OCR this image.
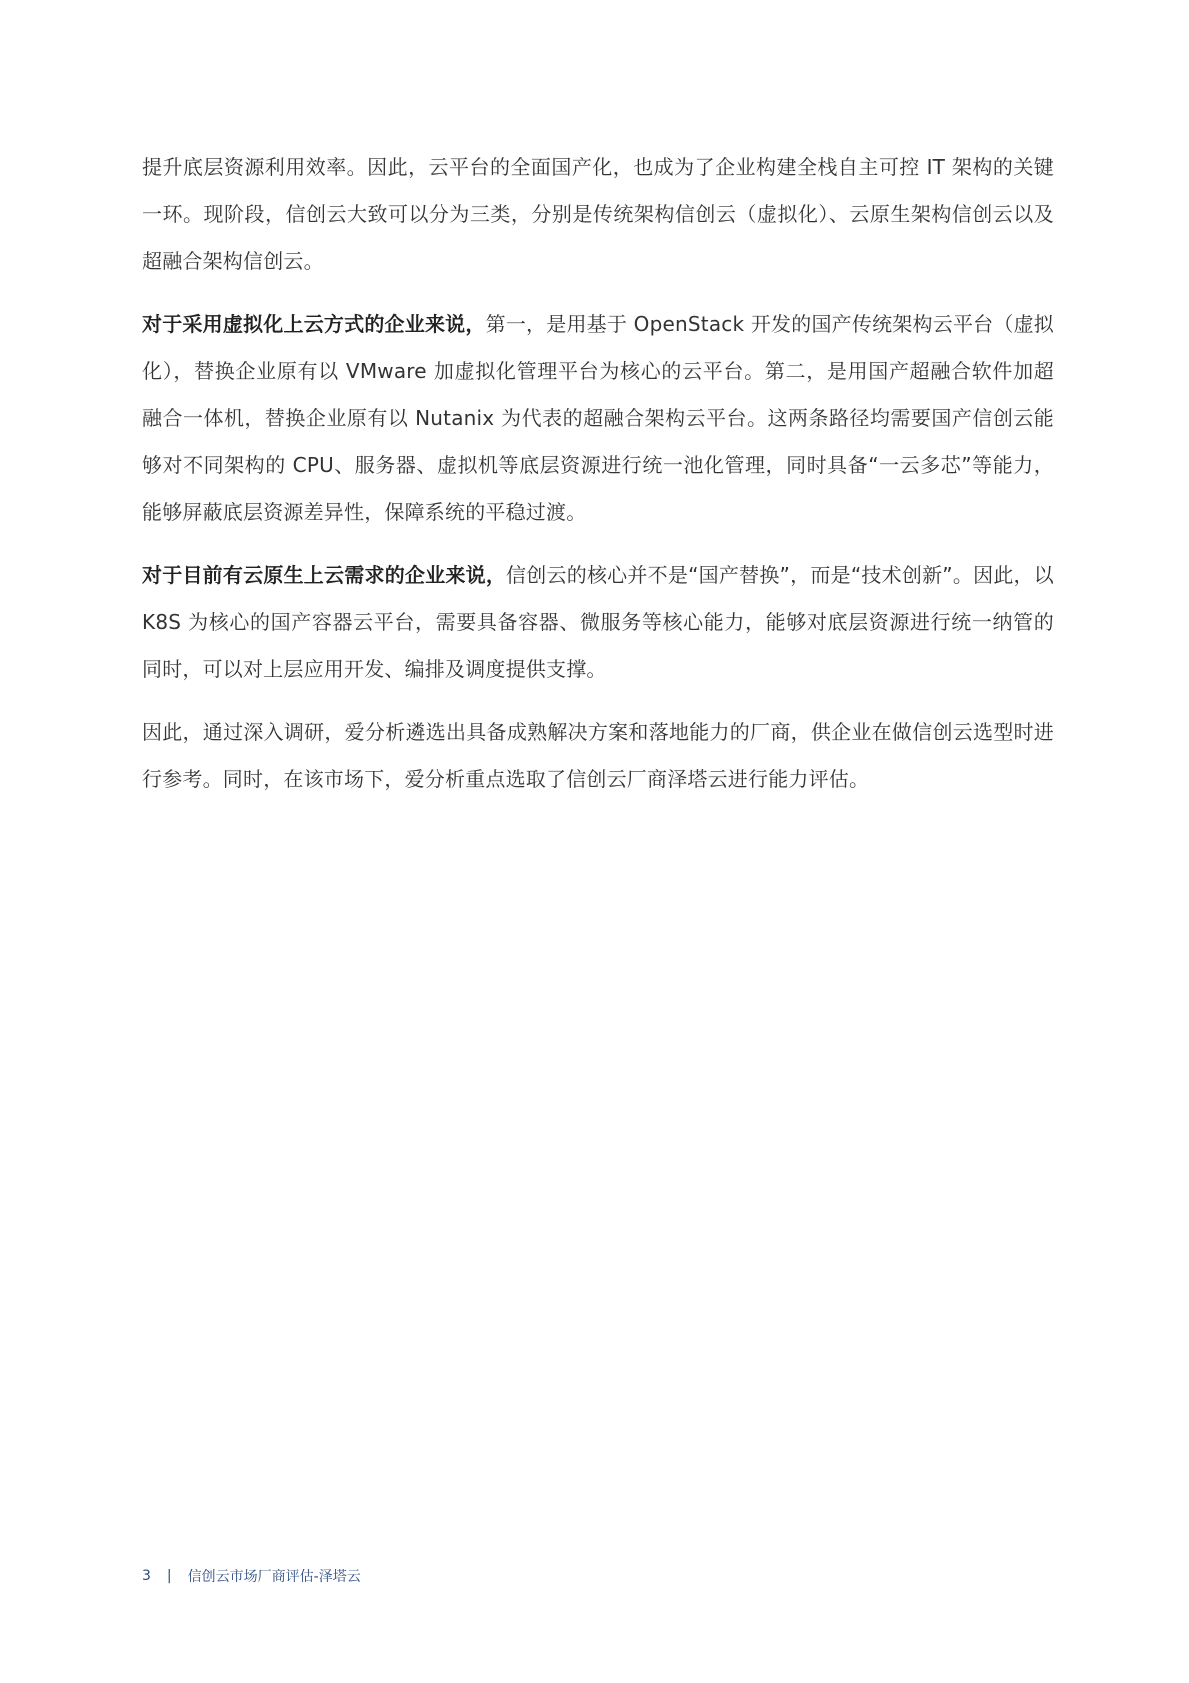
提升底层资源利用效率。因此，云平台的全面国产化，也成为了企业构建全栈自主可控 IT 架构的关键一环。现阶段，信创云大致可以分为三类，分别是传统架构信创云（虚拟化）、云原生架构信创云以及超融合架构信创云。

对于采用虚拟化上云方式的企业来说，第一，是用基于 OpenStack 开发的国产传统架构云平台（虚拟化），替换企业原有以 VMware 加虚拟化管理平台为核心的云平台。第二，是用国产超融合软件加超融合一体机，替换企业原有以 Nutanix 为代表的超融合架构云平台。这两条路径均需要国产信创云能够对不同架构的 CPU、服务器、虚拟机等底层资源进行统一池化管理，同时具备“一云多芯”等能力，能够屏蔽底层资源差异性，保障系统的平稳过渡。

对于目前有云原生上云需求的企业来说，信创云的核心并不是“国产替换”，而是“技术创新”。因此，以 K8S 为核心的国产容器云平台，需要具备容器、微服务等核心能力，能够对底层资源进行统一纳管的同时，可以对上层应用开发、编排及调度提供支撑。

因此，通过深入调研，爱分析遴选出具备成熟解决方案和落地能力的厂商，供企业在做信创云选型时进行参考。同时，在该市场下，爱分析重点选取了信创云厂商泽塔云进行能力评估。

3 | 信创云市场厂商评估-泽塔云
